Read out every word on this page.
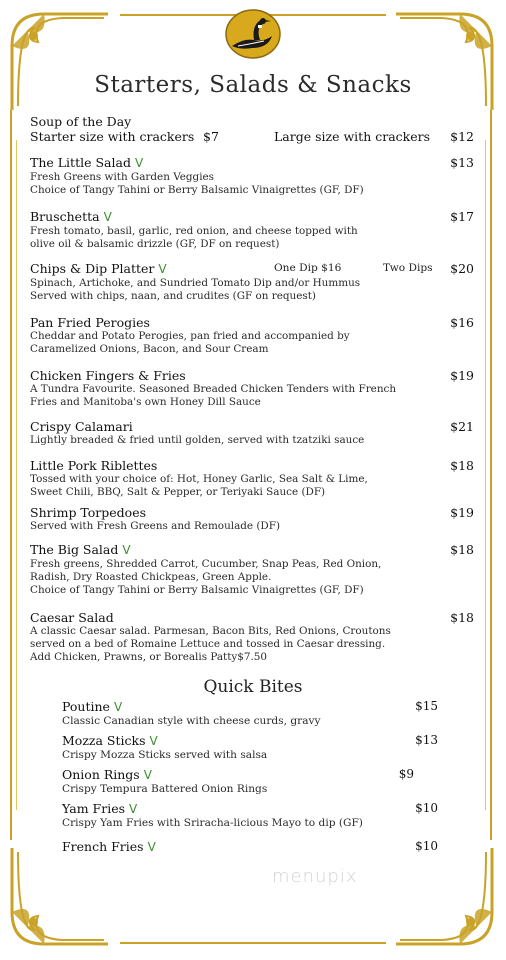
Starters, Salads & Snacks
Soup of the Day
Starter size with crackers $7	Large size with crackers $12
The Little Salad V	$13
Fresh Greens with Garden Veggies
Choice of Tangy Tahini or Berry Balsamic Vinaigrettes (GF, DF)
Bruschetta V	$17
Fresh tomato, basil, garlic, red onion, and cheese topped with
olive oil & balsamic drizzle (GF, DF on request)
Chips & Dip Platter V	One Dip $16	Two Dips $20
Spinach, Artichoke, and Sundried Tomato Dip and/or Hummus
Served with chips, naan, and crudites (GF on request)
Pan Fried Perogies	$16
Cheddar and Potato Perogies, pan fried and accompanied by
Caramelized Onions, Bacon, and Sour Cream
Chicken Fingers & Fries	$19
A Tundra Favourite. Seasoned Breaded Chicken Tenders with French
Fries and Manitoba's own Honey Dill Sauce
Crispy Calamari	$21
Lightly breaded & fried until golden, served with tzatziki sauce
Little Pork Riblettes	$18
Tossed with your choice of: Hot, Honey Garlic, Sea Salt & Lime,
Sweet Chili, BBQ, Salt & Pepper, or Teriyaki Sauce (DF)
Shrimp Torpedoes	$19
Served with Fresh Greens and Remoulade (DF)
The Big Salad V	$18
Fresh greens, Shredded Carrot, Cucumber, Snap Peas, Red Onion,
Radish, Dry Roasted Chickpeas, Green Apple.
Choice of Tangy Tahini or Berry Balsamic Vinaigrettes (GF, DF)
Caesar Salad	$18
A classic Caesar salad. Parmesan, Bacon Bits, Red Onions, Croutons
served on a bed of Romaine Lettuce and tossed in Caesar dressing.
Add Chicken, Prawns, or Borealis Patty$7.50
Quick Bites
Poutine V	$15
Classic Canadian style with cheese curds, gravy
Mozza Sticks V	$13
Crispy Mozza Sticks served with salsa
Onion Rings V	$9
Crispy Tempura Battered Onion Rings
Yam Fries V	$10
Crispy Yam Fries with Sriracha-licious Mayo to dip (GF)
French Fries V	$10
menupix
